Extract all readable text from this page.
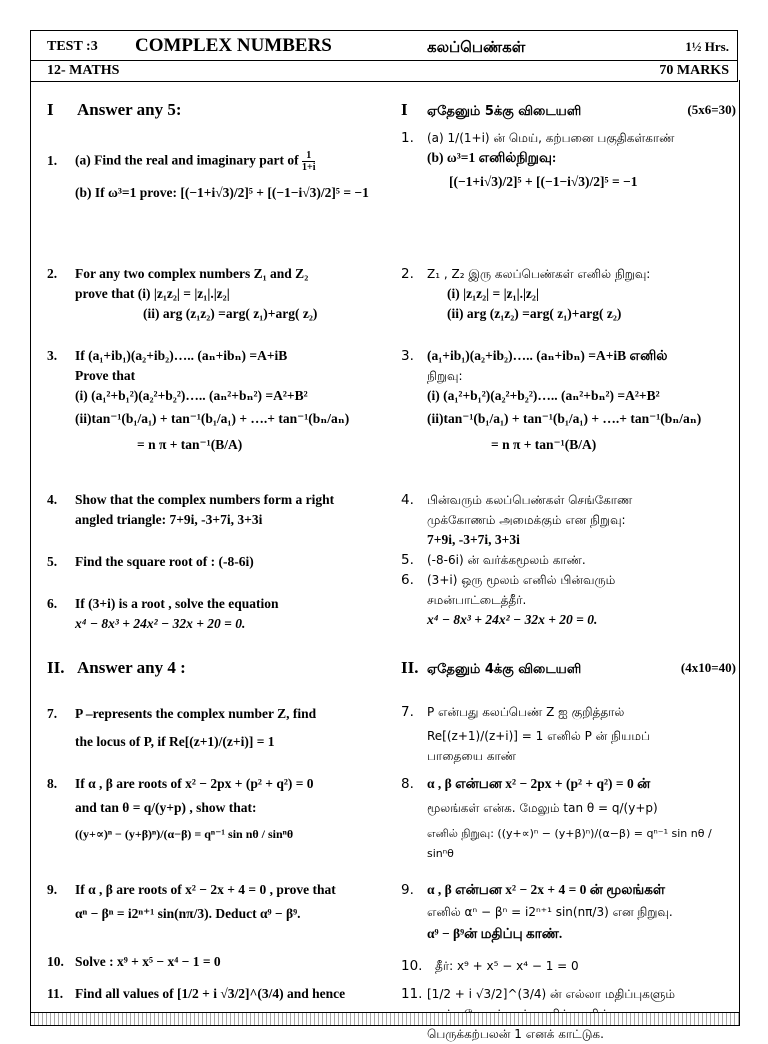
TEST :3 COMPLEX NUMBERS	கலப்பெண்கள்	1½ Hrs.
12- MATHS	70 MARKS
I Answer any 5:
1. (a) Find the real and imaginary part of $\frac{1}{1+i}$
(b) If ω³=1 prove: [(−1+i√3)/2]⁵ + [(−1−i√3)/2]⁵ = −1
2. For any two complex numbers Z₁ and Z₂
prove that (i) |z₁z₂| = |z₁|.|z₂|
(ii) arg (z₁z₂) =arg( z₁)+arg( z₂)
3. If (a₁+ib₁)(a₂+ib₂)….. (aₙ+ibₙ) =A+iB
Prove that
(i) (a₁²+b₁²)(a₂²+b₂²)….. (aₙ²+bₙ²) =A²+B²
(ii)tan⁻¹(b₁/a₁) + tan⁻¹(b₁/a₁) + ….+ tan⁻¹(bₙ/aₙ)
= n π + tan⁻¹(B/A)
4. Show that the complex numbers form a right
angled triangle: 7+9i, -3+7i, 3+3i
5. Find the square root of : (-8-6i)
6. If (3+i) is a root , solve the equation
x⁴ − 8x³ + 24x² − 32x + 20 = 0.
II. Answer any 4 :
7. P –represents the complex number Z, find
the locus of P, if Re[(z+1)/(z+i)] = 1
8. If α , β are roots of x² − 2px + (p² + q²) = 0
and tan θ = q/(y+p) , show that:
((y+∝)ⁿ − (y+β)ⁿ)/(α−β) = qⁿ⁻¹ sin nθ / sinⁿθ
9. If α , β are roots of x² − 2x + 4 = 0 , prove that
αⁿ − βⁿ = i2ⁿ⁺¹ sin(nπ/3). Deduct α⁹ − β⁹.
10. Solve : x⁹ + x⁵ − x⁴ − 1 = 0
11. Find all values of [1/2 + i √3/2]^(3/4) and hence
I ஏதேனும் 5க்கு விடையளி	(5x6=30)
1. (a) 1/(1+i) ன் மெய், கற்பனை பகுதிகள்காண்
(b) ω³=1 எனில்நிறுவு:
[(−1+i√3)/2]⁵ + [(−1−i√3)/2]⁵ = −1
2. Z₁ , Z₂ இரு கலப்பெண்கள் எனில் நிறுவு:
(i) |z₁z₂| = |z₁|.|z₂|
(ii) arg (z₁z₂) =arg( z₁)+arg( z₂)
3. (a₁+ib₁)(a₂+ib₂)….. (aₙ+ibₙ) =A+iB எனில்
நிறுவு:
(i) (a₁²+b₁²)(a₂²+b₂²)….. (aₙ²+bₙ²) =A²+B²
(ii)tan⁻¹(b₁/a₁) + tan⁻¹(b₁/a₁) + ….+ tan⁻¹(bₙ/aₙ)
= n π + tan⁻¹(B/A)
4. பின்வரும் கலப்பெண்கள் செங்கோண
முக்கோணம் அமைக்கும் என நிறுவு:
7+9i, -3+7i, 3+3i
5. (-8-6i) ன் வர்க்கமூலம் காண்.
6. (3+i) ஒரு மூலம் எனில் பின்வரும்
சமன்பாட்டைத்தீர்.
x⁴ − 8x³ + 24x² − 32x + 20 = 0.
II. ஏதேனும் 4க்கு விடையளி	(4x10=40)
7. P என்பது கலப்பெண் Z ஐ குறித்தால்
Re[(z+1)/(z+i)] = 1 எனில் P ன் நியமப்
பாதையை காண்
8. α , β என்பன x² − 2px + (p² + q²) = 0 ன்
மூலங்கள் என்க. மேலும் tan θ = q/(y+p)
எனில் நிறுவு: ((y+∝)ⁿ − (y+β)ⁿ)/(α−β) = qⁿ⁻¹ sin nθ / sinⁿθ
9. α , β என்பன x² − 2x + 4 = 0 ன் மூலங்கள்
எனில் αⁿ − βⁿ = i2ⁿ⁺¹ sin(nπ/3) என நிறுவு.
α⁹ − β⁹ன் மதிப்பு காண்.
10. தீர்: x⁹ + x⁵ − x⁴ − 1 = 0
11. [1/2 + i √3/2]^(3/4) ன் எல்லா மதிப்புகளும்
பெருக்கற்பலன் 1 எனக் காட்டுக.
